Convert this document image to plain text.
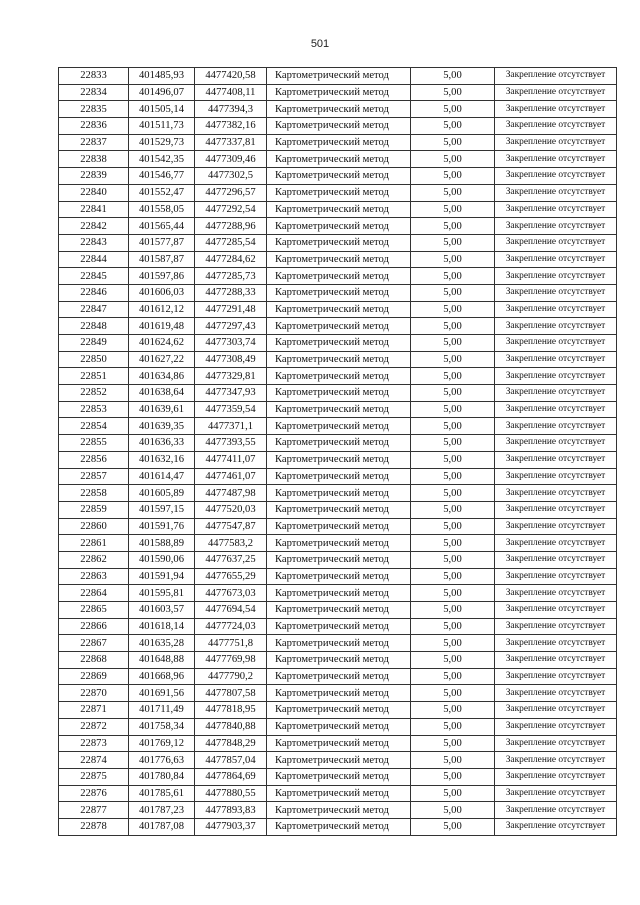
501
22833	401485,93	4477420,58	Картометрический метод	5,00	Закрепление отсутствует
22834	401496,07	4477408,11	Картометрический метод	5,00	Закрепление отсутствует
22835	401505,14	4477394,3	Картометрический метод	5,00	Закрепление отсутствует
22836	401511,73	4477382,16	Картометрический метод	5,00	Закрепление отсутствует
22837	401529,73	4477337,81	Картометрический метод	5,00	Закрепление отсутствует
22838	401542,35	4477309,46	Картометрический метод	5,00	Закрепление отсутствует
22839	401546,77	4477302,5	Картометрический метод	5,00	Закрепление отсутствует
22840	401552,47	4477296,57	Картометрический метод	5,00	Закрепление отсутствует
22841	401558,05	4477292,54	Картометрический метод	5,00	Закрепление отсутствует
22842	401565,44	4477288,96	Картометрический метод	5,00	Закрепление отсутствует
22843	401577,87	4477285,54	Картометрический метод	5,00	Закрепление отсутствует
22844	401587,87	4477284,62	Картометрический метод	5,00	Закрепление отсутствует
22845	401597,86	4477285,73	Картометрический метод	5,00	Закрепление отсутствует
22846	401606,03	4477288,33	Картометрический метод	5,00	Закрепление отсутствует
22847	401612,12	4477291,48	Картометрический метод	5,00	Закрепление отсутствует
22848	401619,48	4477297,43	Картометрический метод	5,00	Закрепление отсутствует
22849	401624,62	4477303,74	Картометрический метод	5,00	Закрепление отсутствует
22850	401627,22	4477308,49	Картометрический метод	5,00	Закрепление отсутствует
22851	401634,86	4477329,81	Картометрический метод	5,00	Закрепление отсутствует
22852	401638,64	4477347,93	Картометрический метод	5,00	Закрепление отсутствует
22853	401639,61	4477359,54	Картометрический метод	5,00	Закрепление отсутствует
22854	401639,35	4477371,1	Картометрический метод	5,00	Закрепление отсутствует
22855	401636,33	4477393,55	Картометрический метод	5,00	Закрепление отсутствует
22856	401632,16	4477411,07	Картометрический метод	5,00	Закрепление отсутствует
22857	401614,47	4477461,07	Картометрический метод	5,00	Закрепление отсутствует
22858	401605,89	4477487,98	Картометрический метод	5,00	Закрепление отсутствует
22859	401597,15	4477520,03	Картометрический метод	5,00	Закрепление отсутствует
22860	401591,76	4477547,87	Картометрический метод	5,00	Закрепление отсутствует
22861	401588,89	4477583,2	Картометрический метод	5,00	Закрепление отсутствует
22862	401590,06	4477637,25	Картометрический метод	5,00	Закрепление отсутствует
22863	401591,94	4477655,29	Картометрический метод	5,00	Закрепление отсутствует
22864	401595,81	4477673,03	Картометрический метод	5,00	Закрепление отсутствует
22865	401603,57	4477694,54	Картометрический метод	5,00	Закрепление отсутствует
22866	401618,14	4477724,03	Картометрический метод	5,00	Закрепление отсутствует
22867	401635,28	4477751,8	Картометрический метод	5,00	Закрепление отсутствует
22868	401648,88	4477769,98	Картометрический метод	5,00	Закрепление отсутствует
22869	401668,96	4477790,2	Картометрический метод	5,00	Закрепление отсутствует
22870	401691,56	4477807,58	Картометрический метод	5,00	Закрепление отсутствует
22871	401711,49	4477818,95	Картометрический метод	5,00	Закрепление отсутствует
22872	401758,34	4477840,88	Картометрический метод	5,00	Закрепление отсутствует
22873	401769,12	4477848,29	Картометрический метод	5,00	Закрепление отсутствует
22874	401776,63	4477857,04	Картометрический метод	5,00	Закрепление отсутствует
22875	401780,84	4477864,69	Картометрический метод	5,00	Закрепление отсутствует
22876	401785,61	4477880,55	Картометрический метод	5,00	Закрепление отсутствует
22877	401787,23	4477893,83	Картометрический метод	5,00	Закрепление отсутствует
22878	401787,08	4477903,37	Картометрический метод	5,00	Закрепление отсутствует
